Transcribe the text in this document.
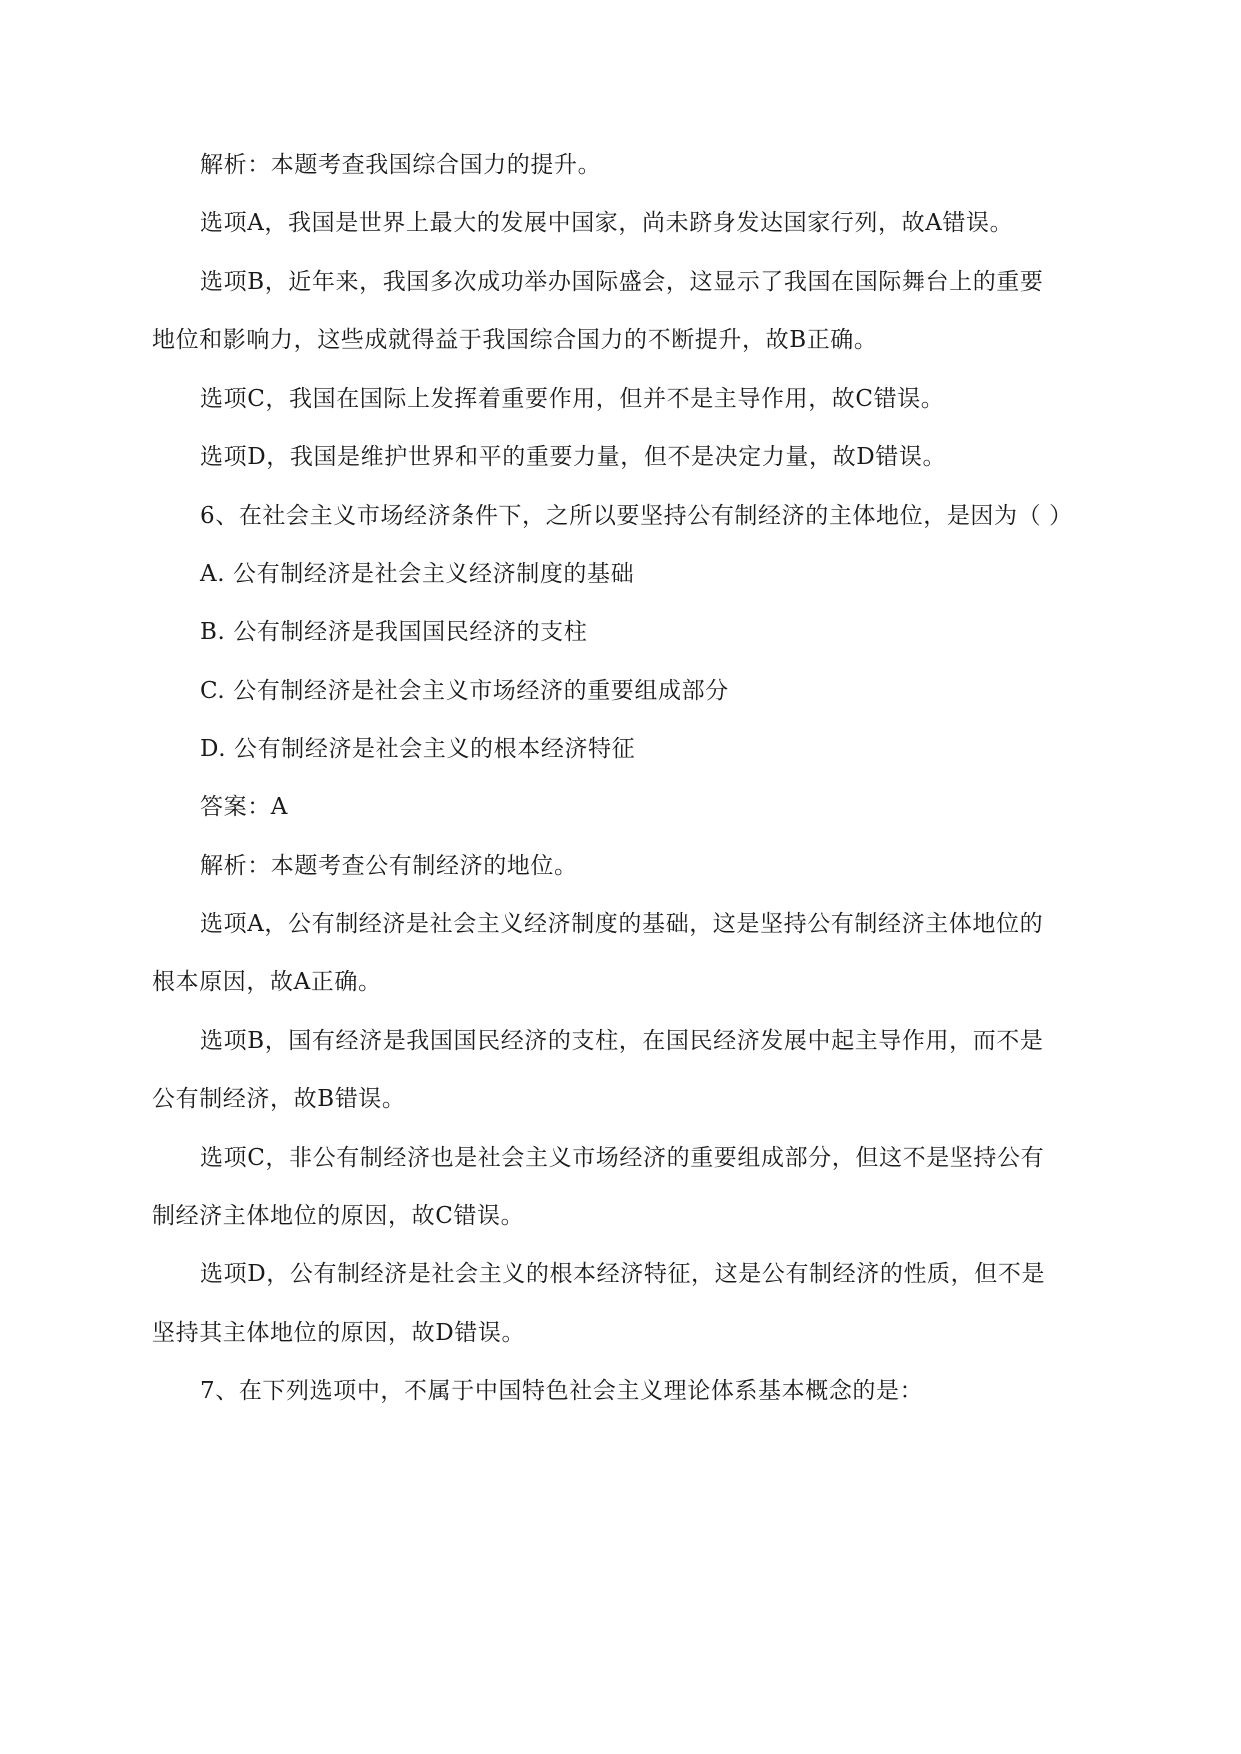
解析：本题考查我国综合国力的提升。
选项A，我国是世界上最大的发展中国家，尚未跻身发达国家行列，故A错误。
选项B，近年来，我国多次成功举办国际盛会，这显示了我国在国际舞台上的重要
地位和影响力，这些成就得益于我国综合国力的不断提升，故B正确。
选项C，我国在国际上发挥着重要作用，但并不是主导作用，故C错误。
选项D，我国是维护世界和平的重要力量，但不是决定力量，故D错误。
6、在社会主义市场经济条件下，之所以要坚持公有制经济的主体地位，是因为（ ）
A. 公有制经济是社会主义经济制度的基础
B. 公有制经济是我国国民经济的支柱
C. 公有制经济是社会主义市场经济的重要组成部分
D. 公有制经济是社会主义的根本经济特征
答案：A
解析：本题考查公有制经济的地位。
选项A，公有制经济是社会主义经济制度的基础，这是坚持公有制经济主体地位的
根本原因，故A正确。
选项B，国有经济是我国国民经济的支柱，在国民经济发展中起主导作用，而不是
公有制经济，故B错误。
选项C，非公有制经济也是社会主义市场经济的重要组成部分，但这不是坚持公有
制经济主体地位的原因，故C错误。
选项D，公有制经济是社会主义的根本经济特征，这是公有制经济的性质，但不是
坚持其主体地位的原因，故D错误。
7、在下列选项中，不属于中国特色社会主义理论体系基本概念的是：
